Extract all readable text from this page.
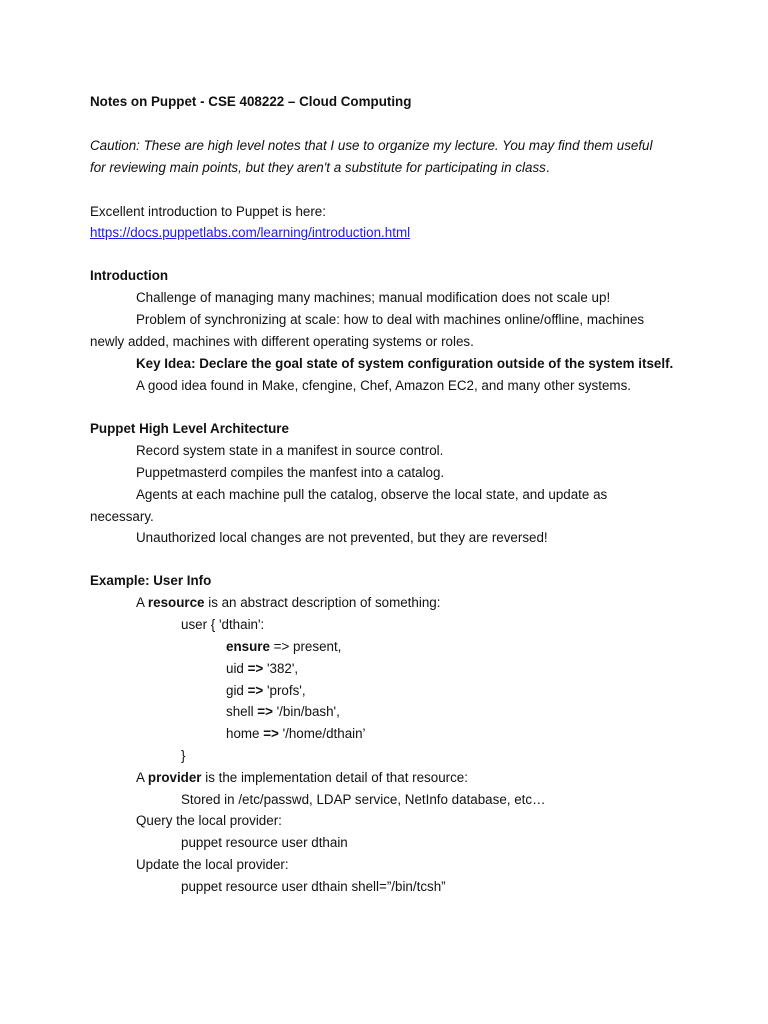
Notes on Puppet - CSE 408222 – Cloud Computing
Caution: These are high level notes that I use to organize my lecture. You may find them useful
for reviewing main points, but they aren't a substitute for participating in class.
Excellent introduction to Puppet is here:
https://docs.puppetlabs.com/learning/introduction.html
Introduction
Challenge of managing many machines; manual modification does not scale up!
Problem of synchronizing at scale: how to deal with machines online/offline, machines
newly added, machines with different operating systems or roles.
Key Idea: Declare the goal state of system configuration outside of the system itself.
A good idea found in Make, cfengine, Chef, Amazon EC2, and many other systems.
Puppet High Level Architecture
Record system state in a manifest in source control.
Puppetmasterd compiles the manfest into a catalog.
Agents at each machine pull the catalog, observe the local state, and update as
necessary.
Unauthorized local changes are not prevented, but they are reversed!
Example: User Info
A resource is an abstract description of something:
user { 'dthain':
ensure => present,
uid => '382',
gid => 'profs',
shell => '/bin/bash',
home => '/home/dthain’
}
A provider is the implementation detail of that resource:
Stored in /etc/passwd, LDAP service, NetInfo database, etc…
Query the local provider:
puppet resource user dthain
Update the local provider:
puppet resource user dthain shell=”/bin/tcsh”
